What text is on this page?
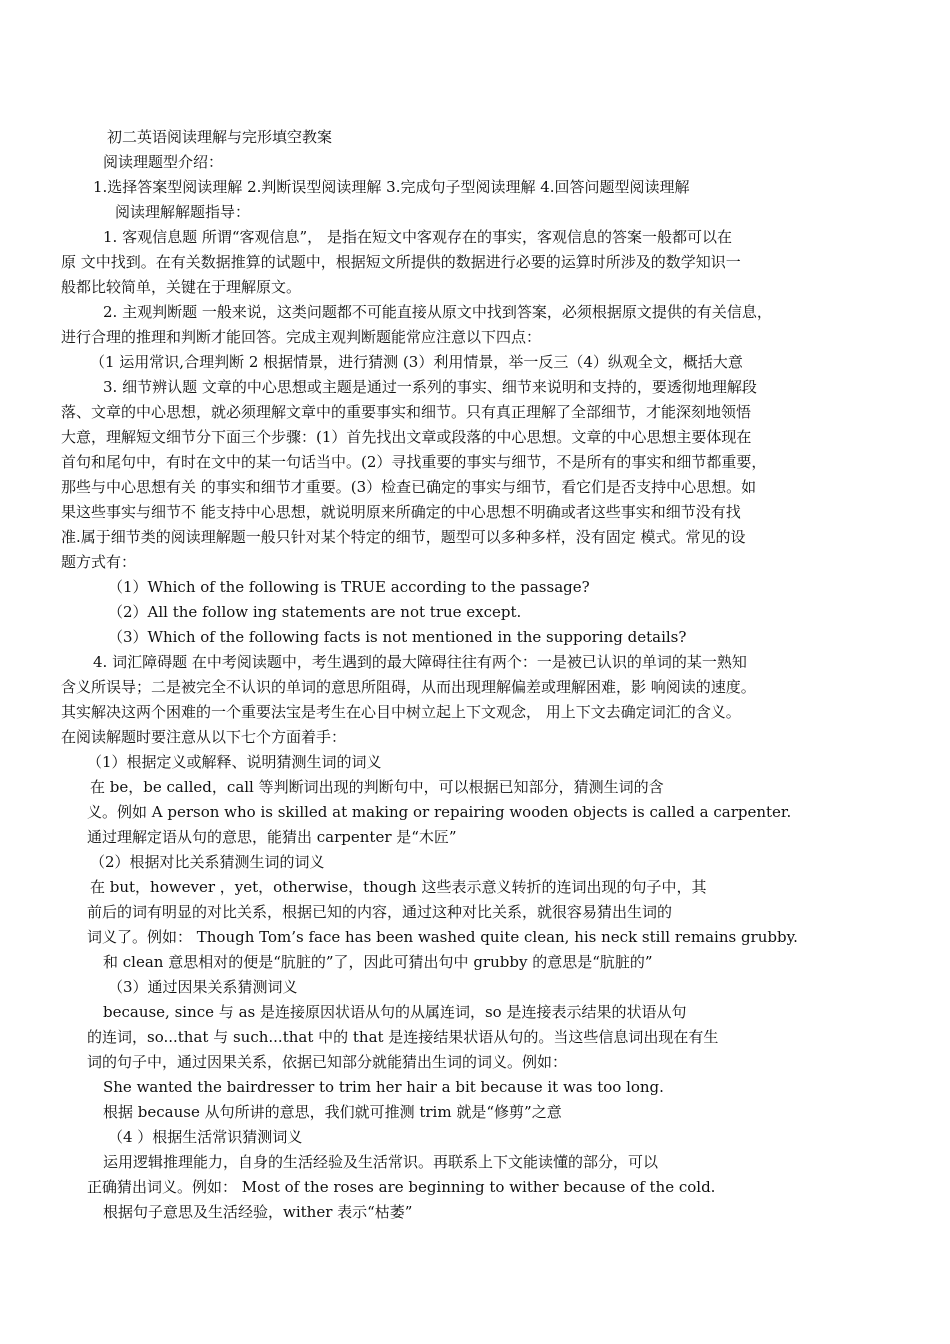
初二英语阅读理解与完形填空教案

阅读理题型介绍：

1.选择答案型阅读理解 2.判断误型阅读理解 3.完成句子型阅读理解 4.回答问题型阅读理解

阅读理解解题指导：

1. 客观信息题 所谓“客观信息”， 是指在短文中客观存在的事实，客观信息的答案一般都可以在

原 文中找到。在有关数据推算的试题中，根据短文所提供的数据进行必要的运算时所涉及的数学知识一

般都比较简单，关键在于理解原文。

2. 主观判断题 一般来说，这类问题都不可能直接从原文中找到答案，必须根据原文提供的有关信息，

进行合理的推理和判断才能回答。完成主观判断题能常应注意以下四点：

（1 运用常识,合理判断 2 根据情景，进行猜测 (3）利用情景，举一反三（4）纵观全文，概括大意

3. 细节辨认题 文章的中心思想或主题是通过一系列的事实、细节来说明和支持的，要透彻地理解段

落、文章的中心思想，就必须理解文章中的重要事实和细节。只有真正理解了全部细节，才能深刻地领悟

大意，理解短文细节分下面三个步骤：(1）首先找出文章或段落的中心思想。文章的中心思想主要体现在

首句和尾句中，有时在文中的某一句话当中。(2）寻找重要的事实与细节，不是所有的事实和细节都重要，

那些与中心思想有关 的事实和细节才重要。(3）检查已确定的事实与细节，看它们是否支持中心思想。如

果这些事实与细节不 能支持中心思想，就说明原来所确定的中心思想不明确或者这些事实和细节没有找

准.属于细节类的阅读理解题一般只针对某个特定的细节，题型可以多种多样，没有固定 模式。常见的设

题方式有：

（1）Which of the following is TRUE according to the passage?

（2）All the follow ing statements are not true except.

（3）Which of the following facts is not mentioned in the supporing details?

4. 词汇障碍题 在中考阅读题中，考生遇到的最大障碍往往有两个：一是被已认识的单词的某一熟知

含义所误导；二是被完全不认识的单词的意思所阻碍，从而出现理解偏差或理解困难，影 响阅读的速度。

其实解决这两个困难的一个重要法宝是考生在心目中树立起上下文观念， 用上下文去确定词汇的含义。

在阅读解题时要注意从以下七个方面着手：

（1）根据定义或解释、说明猜测生词的词义

在 be，be called，call 等判断词出现的判断句中，可以根据已知部分，猜测生词的含

义。例如 A person who is skilled at making or repairing wooden objects is called a carpenter.

通过理解定语从句的意思，能猜出 carpenter 是“木匠”

（2）根据对比关系猜测生词的词义

在 but，however ，yet，otherwise，though 这些表示意义转折的连词出现的句子中，其

前后的词有明显的对比关系，根据已知的内容，通过这种对比关系，就很容易猜出生词的

词义了。例如： Though Tom’s face has been washed quite clean, his neck still remains grubby.

和 clean 意思相对的便是“肮脏的”了，因此可猜出句中 grubby 的意思是“肮脏的”

（3）通过因果关系猜测词义

because, since 与 as 是连接原因状语从句的从属连词，so 是连接表示结果的状语从句

的连词，so...that 与 such...that 中的 that 是连接结果状语从句的。当这些信息词出现在有生

词的句子中，通过因果关系，依据已知部分就能猜出生词的词义。例如：

She wanted the bairdresser to trim her hair a bit because it was too long.

根据 because 从句所讲的意思，我们就可推测 trim 就是“修剪”之意

（4 ）根据生活常识猜测词义

运用逻辑推理能力，自身的生活经验及生活常识。再联系上下文能读懂的部分，可以

正确猜出词义。例如： Most of the roses are beginning to wither because of the cold.

根据句子意思及生活经验，wither 表示“枯萎”
